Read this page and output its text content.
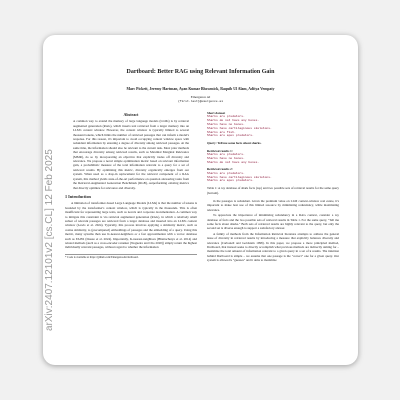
arXiv:2407.12101v2 [cs.CL] 12 Feb 2025
Dartboard: Better RAG using Relevant Information Gain
Marc Pickett, Jeremy Hartman, Ayan Kumar Bhowmick, Raquib Ul Alam, Aditya Vempaty
Emergence AI
{first.last}@emergence.ai
Abstract
A common way to extend the memory of large language models (LLMs) is by retrieval augmented generation (RAG), which inserts text retrieved from a larger memory into an LLM's context window. However, the context window is typically limited to several thousand tokens, which limits the number of retrieved passages that can inform a model's response. For this reason, it's important to avoid occupying context window space with redundant information by ensuring a degree of diversity among retrieved passages. At the same time, the information should also be relevant to the current task. Most prior methods that encourage diversity among retrieved results, such as Maximal Marginal Relevance (MMR), do so by incorporating an objective that explicitly trades off diversity and relevance. We propose a novel simple optimization metric based on relevant information gain, a probabilistic measure of the total information relevant to a query for a set of retrieved results. By optimizing this metric, diversity organically emerges from our system. When used as a drop-in replacement for the retrieval component of a RAG system, this method yields state-of-the-art performance on question answering tasks from the Retrieval-Augmented Generation Benchmark (RGB), outperforming existing metrics that directly optimize for relevance and diversity.
1 Introduction
A limitation of transformer-based Large Language Models (LLMs) is that the number of tokens is bounded by the transformer's context window, which is typically in the thousands. This is often insufficient for representing large texts, such as novels and corporate documentation. A common way to mitigate this constraint is via retrieval augmented generation (RAG), in which a relatively small subset of relevant passages are retrieved from a larger database and inserted into an LLM's context window (Lewis et al. 2024). Typically, this process involves applying a similarity metric, such as cosine similarity, to (precomputed) embeddings of passages and the embedding of a query. Using this metric, many systems then use K-nearest-neighbors or a fast approximation with a vector database such as FAISS (Douze et al. 2024). Importantly, K-nearest-neighbors (Bhattacharya et al. 2014) and related methods (such as a cross-encoder reranker (Nogueira and Cho 2020)) simply return the highest individually relevant passages, without regard to whether the information
* Code is available at https://github.com/EmergenceAI/dartboard.
Short dataset
Sharks are predators.
Sharks do not have any bones.
Sharks have no bones.
Sharks have cartilaginous skeletons.
Sharks are fish.
Sharks are apex predators.
Query: Tell me some facts about sharks.
Retrieval results 1:
Sharks are predators.
Sharks have no bones.
Sharks do not have any bones.
Retrieval results 2:
Sharks are predators.
Sharks have cartilaginous skeletons.
Sharks are apex predators.
Table 1: A toy database of shark facts (top) and two possible sets of retrieval results for the same query (bottom).
in the passages is redundant. Given the premium value on LLM context-window real estate, it's important to make best use of this limited resource by minimizing redundancy, while maximizing relevance.
To appreciate the importance of minimizing redundancy in a RAG context, consider a toy database of facts and the two possible sets of retrieval results in Table 1. For the same query, "Tell me some facts about sharks." Both sets of retrieved results are highly relevant to the query, but only the second set is diverse enough to support a satisfactory answer.
A family of methods from the Information Retrieval literature attempts to address the general issue of diversity in retrieved results by introducing a measure that explicitly balances diversity and relevance (Carbonell and Goldstein 1998). In this paper, we propose a more principled method, Dartboard, that instead seeks to directly accomplish what previous methods are indirectly aiming for – maximize the total amount of information relevant to a given query in a set of k results. The intuition behind Dartboard is simple – we assume that one passage is the "correct" one for a given query. Our system is allowed k "guesses" and it aims to maximize
